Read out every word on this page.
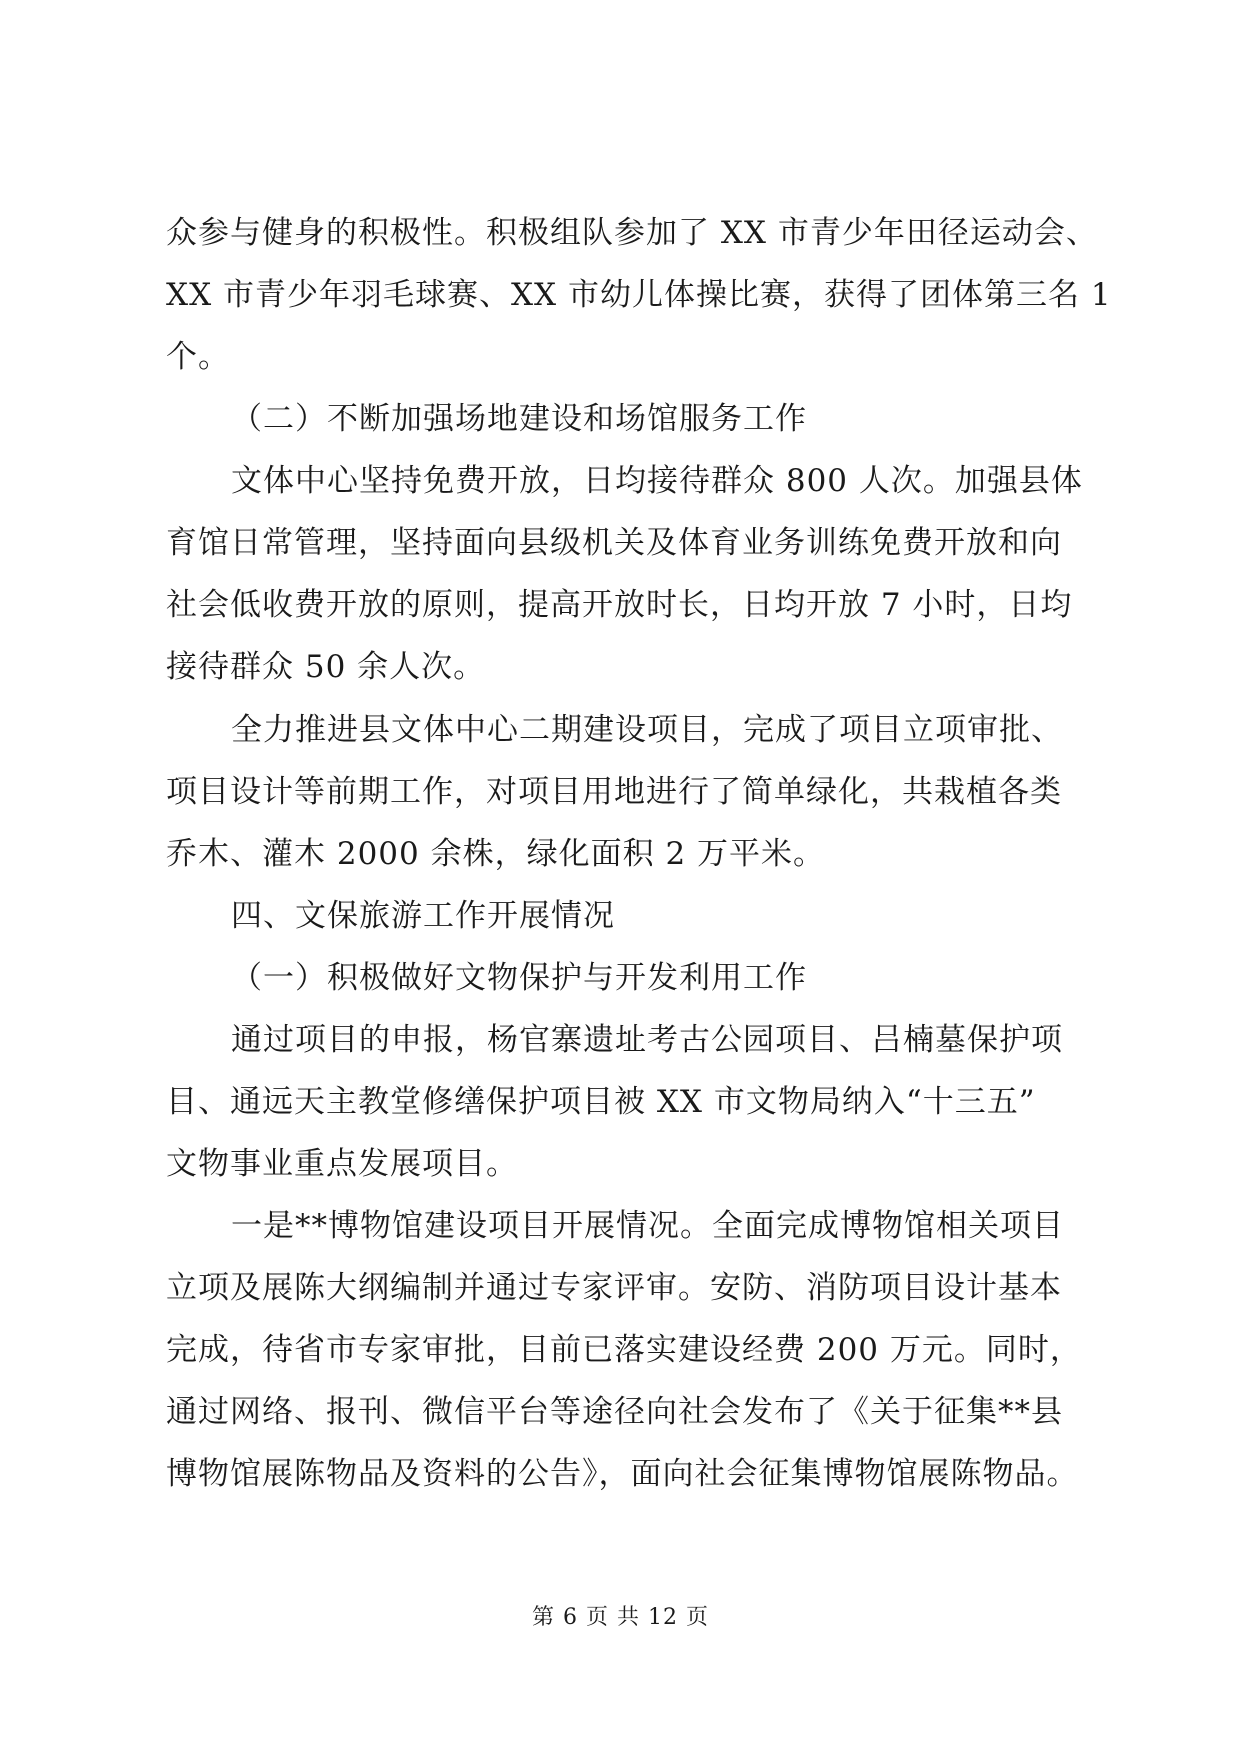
众参与健身的积极性。积极组队参加了 XX 市青少年田径运动会、
XX 市青少年羽毛球赛、XX 市幼儿体操比赛，获得了团体第三名 1
个。
（二）不断加强场地建设和场馆服务工作
文体中心坚持免费开放，日均接待群众 800 人次。加强县体
育馆日常管理，坚持面向县级机关及体育业务训练免费开放和向
社会低收费开放的原则，提高开放时长，日均开放 7 小时，日均
接待群众 50 余人次。
全力推进县文体中心二期建设项目，完成了项目立项审批、
项目设计等前期工作，对项目用地进行了简单绿化，共栽植各类
乔木、灌木 2000 余株，绿化面积 2 万平米。
四、文保旅游工作开展情况
（一）积极做好文物保护与开发利用工作
通过项目的申报，杨官寨遗址考古公园项目、吕楠墓保护项
目、通远天主教堂修缮保护项目被 XX 市文物局纳入“十三五”
文物事业重点发展项目。
一是**博物馆建设项目开展情况。全面完成博物馆相关项目
立项及展陈大纲编制并通过专家评审。安防、消防项目设计基本
完成，待省市专家审批，目前已落实建设经费 200 万元。同时，
通过网络、报刊、微信平台等途径向社会发布了《关于征集**县
博物馆展陈物品及资料的公告》，面向社会征集博物馆展陈物品。
第 6 页 共 12 页
